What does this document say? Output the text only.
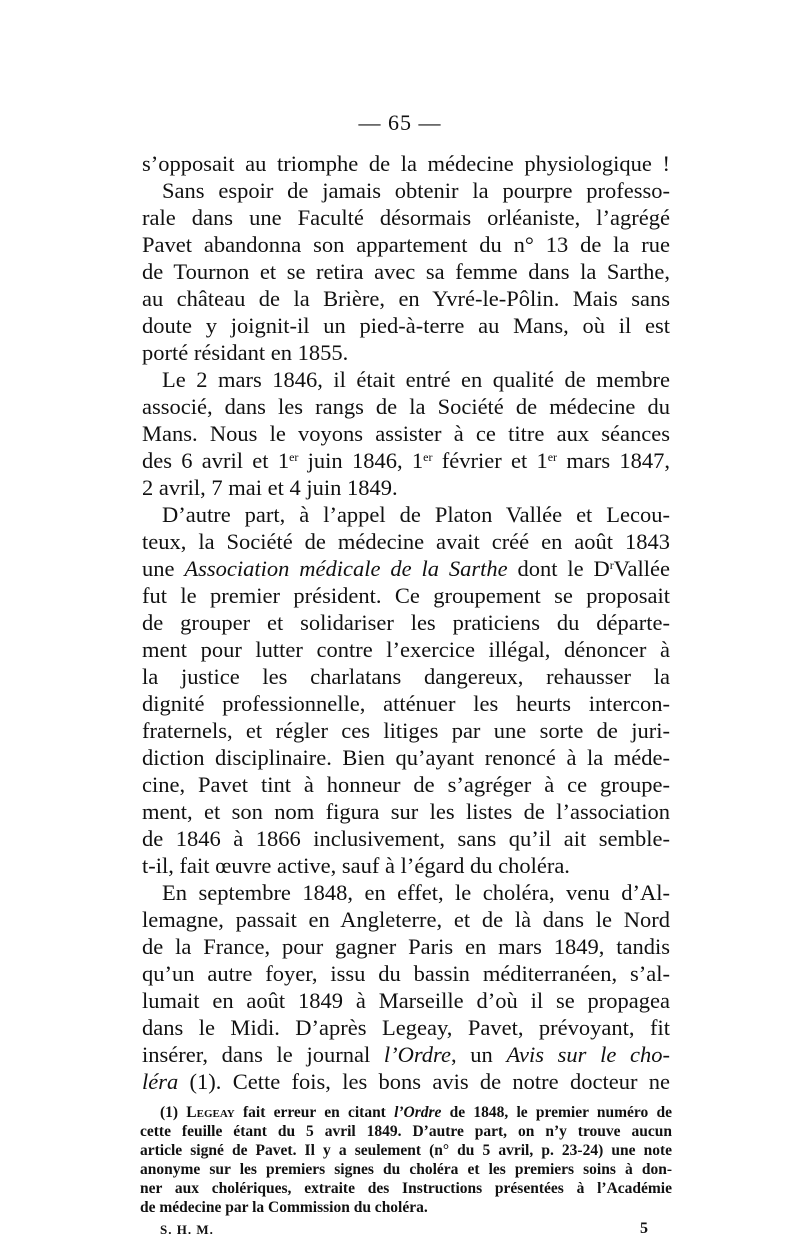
— 65 —
s’opposait au triomphe de la médecine physiologique !
Sans espoir de jamais obtenir la pourpre professo-
rale dans une Faculté désormais orléaniste, l’agrégé
Pavet abandonna son appartement du n° 13 de la rue
de Tournon et se retira avec sa femme dans la Sarthe,
au château de la Brière, en Yvré-le-Pôlin. Mais sans
doute y joignit-il un pied-à-terre au Mans, où il est
porté résidant en 1855.
Le 2 mars 1846, il était entré en qualité de membre
associé, dans les rangs de la Société de médecine du
Mans. Nous le voyons assister à ce titre aux séances
des 6 avril et 1er juin 1846, 1er février et 1er mars 1847,
2 avril, 7 mai et 4 juin 1849.
D’autre part, à l’appel de Platon Vallée et Lecou-
teux, la Société de médecine avait créé en août 1843
une Association médicale de la Sarthe dont le $D^rVallée$
fut le premier président. Ce groupement se proposait
de grouper et solidariser les praticiens du départe-
ment pour lutter contre l’exercice illégal, dénoncer à
la justice les charlatans dangereux, rehausser la
dignité professionnelle, atténuer les heurts intercon-
fraternels, et régler ces litiges par une sorte de juri-
diction disciplinaire. Bien qu’ayant renoncé à la méde-
cine, Pavet tint à honneur de s’agréger à ce groupe-
ment, et son nom figura sur les listes de l’association
de 1846 à 1866 inclusivement, sans qu’il ait semble-
t-il, fait œuvre active, sauf à l’égard du choléra.
En septembre 1848, en effet, le choléra, venu d’Al-
lemagne, passait en Angleterre, et de là dans le Nord
de la France, pour gagner Paris en mars 1849, tandis
qu’un autre foyer, issu du bassin méditerranéen, s’al-
lumait en août 1849 à Marseille d’où il se propagea
dans le Midi. D’après Legeay, Pavet, prévoyant, fit
insérer, dans le journal l’Ordre, un Avis sur le cho-
léra (1). Cette fois, les bons avis de notre docteur ne
(1) Legeay fait erreur en citant l’Ordre de 1848, le premier numéro de
cette feuille étant du 5 avril 1849. D’autre part, on n’y trouve aucun
article signé de Pavet. Il y a seulement (n° du 5 avril, p. 23-24) une note
anonyme sur les premiers signes du choléra et les premiers soins à don-
ner aux cholériques, extraite des Instructions présentées à l’Académie
de médecine par la Commission du choléra.
S. H. M.	5
